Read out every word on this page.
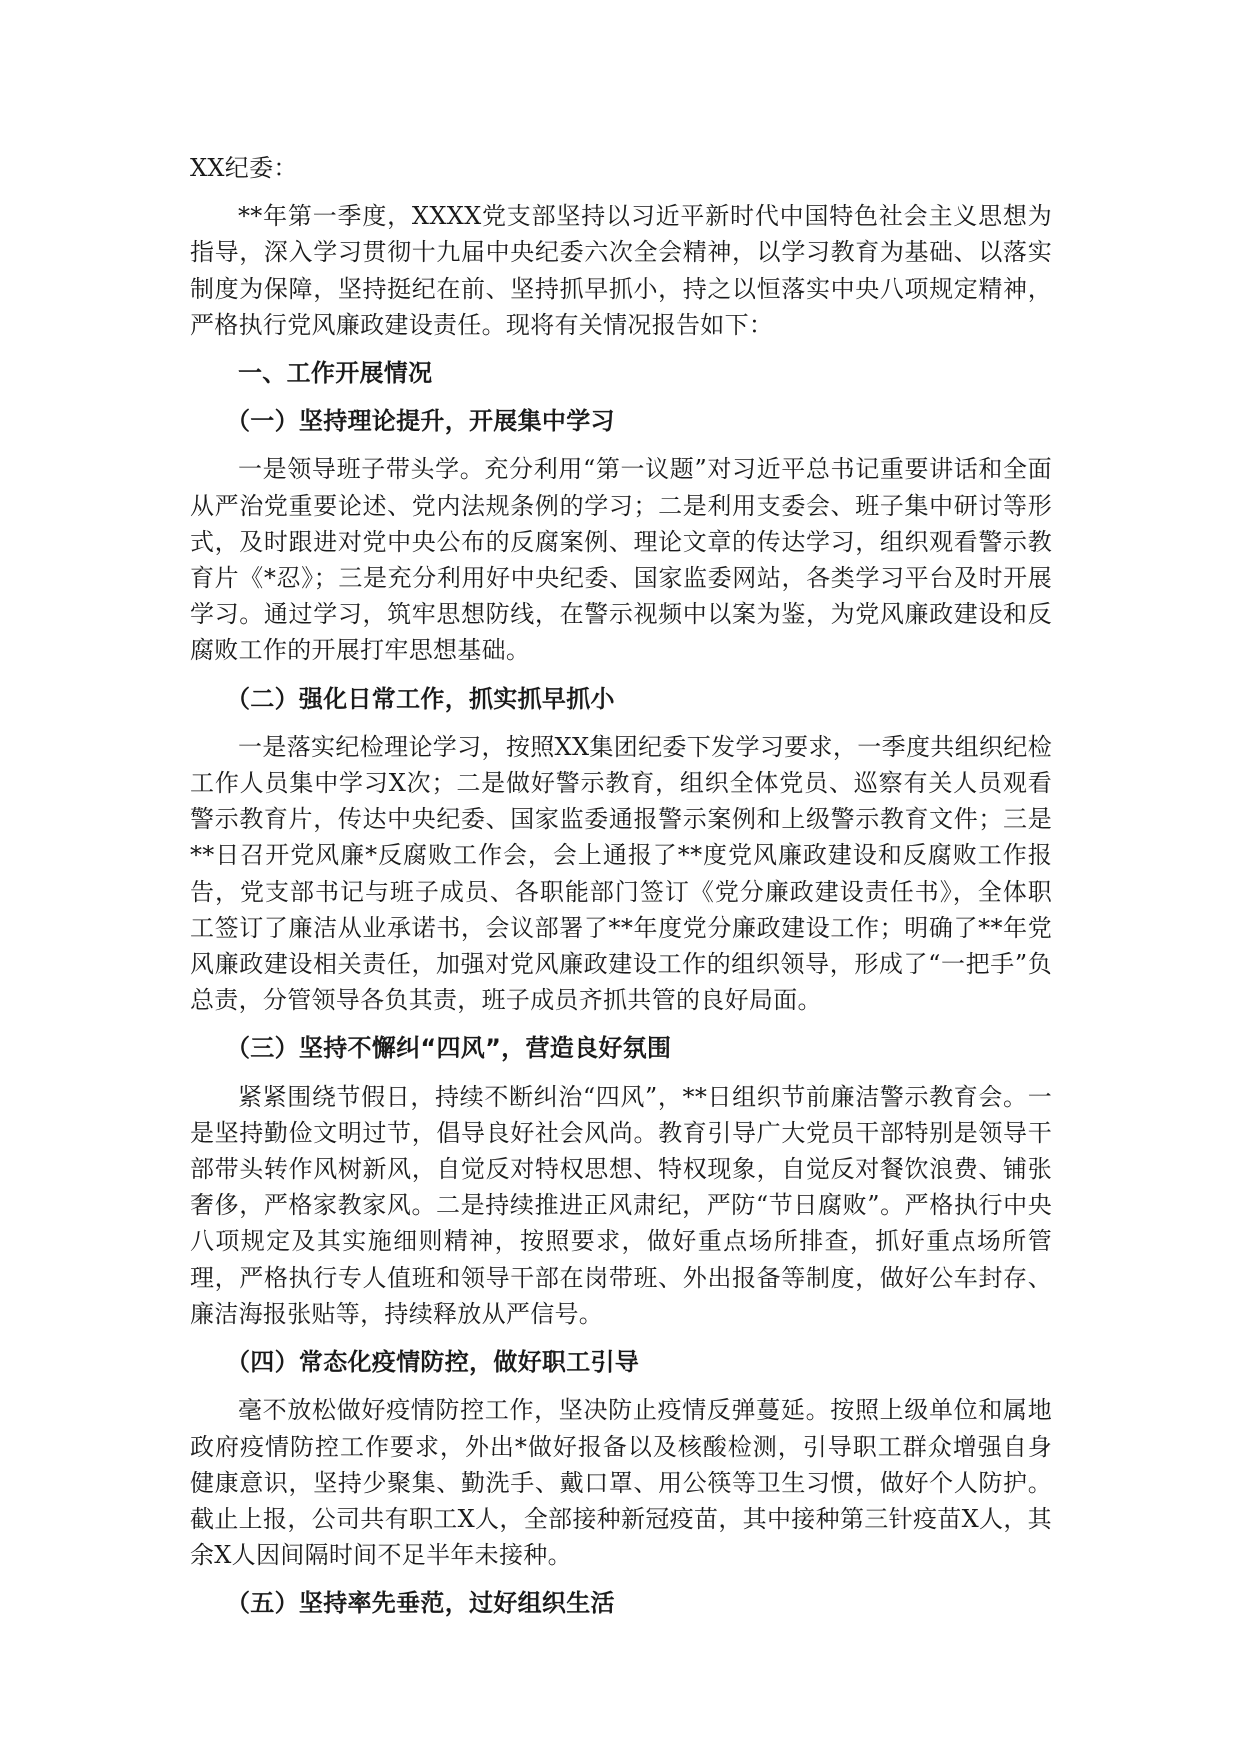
XX纪委：

**年第一季度，XXXX党支部坚持以习近平新时代中国特色社会主义思想为指导，深入学习贯彻十九届中央纪委六次全会精神，以学习教育为基础、以落实制度为保障，坚持挺纪在前、坚持抓早抓小，持之以恒落实中央八项规定精神，严格执行党风廉政建设责任。现将有关情况报告如下：

一、工作开展情况
（一）坚持理论提升，开展集中学习

一是领导班子带头学。充分利用“第一议题”对习近平总书记重要讲话和全面从严治党重要论述、党内法规条例的学习；二是利用支委会、班子集中研讨等形式，及时跟进对党中央公布的反腐案例、理论文章的传达学习，组织观看警示教育片《*忍》；三是充分利用好中央纪委、国家监委网站，各类学习平台及时开展学习。通过学习，筑牢思想防线，在警示视频中以案为鉴，为党风廉政建设和反腐败工作的开展打牢思想基础。

（二）强化日常工作，抓实抓早抓小

一是落实纪检理论学习，按照XX集团纪委下发学习要求，一季度共组织纪检工作人员集中学习X次；二是做好警示教育，组织全体党员、巡察有关人员观看警示教育片，传达中央纪委、国家监委通报警示案例和上级警示教育文件；三是**日召开党风廉*反腐败工作会，会上通报了**度党风廉政建设和反腐败工作报告，党支部书记与班子成员、各职能部门签订《党分廉政建设责任书》，全体职工签订了廉洁从业承诺书，会议部署了**年度党分廉政建设工作；明确了**年党风廉政建设相关责任，加强对党风廉政建设工作的组织领导，形成了“一把手”负总责，分管领导各负其责，班子成员齐抓共管的良好局面。

（三）坚持不懈纠“四风”，营造良好氛围

紧紧围绕节假日，持续不断纠治“四风”，**日组织节前廉洁警示教育会。一是坚持勤俭文明过节，倡导良好社会风尚。教育引导广大党员干部特别是领导干部带头转作风树新风，自觉反对特权思想、特权现象，自觉反对餐饮浪费、铺张奢侈，严格家教家风。二是持续推进正风肃纪，严防“节日腐败”。严格执行中央八项规定及其实施细则精神，按照要求，做好重点场所排查，抓好重点场所管理，严格执行专人值班和领导干部在岗带班、外出报备等制度，做好公车封存、廉洁海报张贴等，持续释放从严信号。

（四）常态化疫情防控，做好职工引导

毫不放松做好疫情防控工作，坚决防止疫情反弹蔓延。按照上级单位和属地政府疫情防控工作要求，外出*做好报备以及核酸检测，引导职工群众增强自身健康意识，坚持少聚集、勤洗手、戴口罩、用公筷等卫生习惯，做好个人防护。截止上报，公司共有职工X人，全部接种新冠疫苗，其中接种第三针疫苗X人，其余X人因间隔时间不足半年未接种。

（五）坚持率先垂范，过好组织生活
